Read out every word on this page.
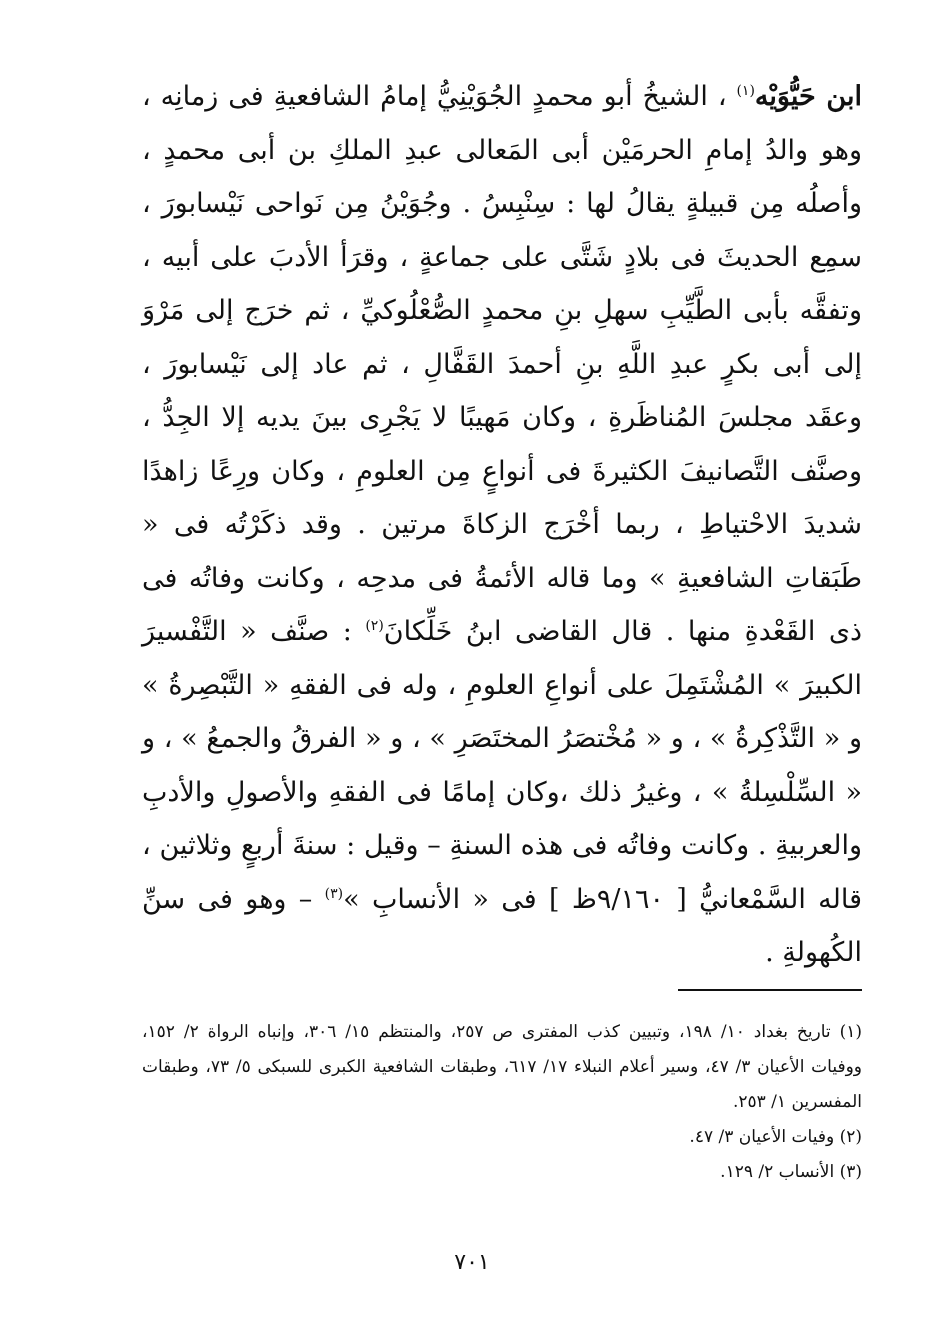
ابن حَيُّوَيْه$^{(١)}$ ، الشيخُ أبو محمدٍ الجُوَيْنِيُّ إمامُ الشافعيةِ فى زمانِه ، وهو والدُ إمامِ الحرمَيْن أبى المَعالى عبدِ الملكِ بن أبى محمدٍ ، وأصلُه مِن قبيلةٍ يقالُ لها : سِنْبِسُ . وجُوَيْنُ مِن نَواحى نَيْسابورَ ، سمِع الحديثَ فى بلادٍ شَتَّى على جماعةٍ ، وقرَأ الأدبَ على أبيه ، وتفقَّه بأبى الطَّيِّبِ سهلِ بنِ محمدٍ الصُّعْلُوكيِّ ، ثم خرَج إلى مَرْوَ إلى أبى بكرٍ عبدِ اللَّهِ بنِ أحمدَ القَفَّالِ ، ثم عاد إلى نَيْسابورَ ، وعقَد مجلسَ المُناظَرةِ ، وكان مَهيبًا لا يَجْرِى بينَ يديه إلا الجِدُّ ، وصنَّف التَّصانيفَ الكثيرةَ فى أنواعٍ مِن العلومِ ، وكان ورِعًا زاهدًا شديدَ الاحْتياطِ ، ربما أخْرَج الزكاةَ مرتين . وقد ذكَرْتُه فى « طَبَقاتِ الشافعيةِ » وما قاله الأئمةُ فى مدحِه ، وكانت وفاتُه فى ذى القَعْدةِ منها . قال القاضى ابنُ خَلِّكانَ$^{(٢)}$ : صنَّف « التَّفْسيرَ الكبيرَ » المُشْتَمِلَ على أنواعِ العلومِ ، وله فى الفقهِ « التَّبْصِرةُ » و « التَّذْكِرةُ » ، و « مُخْتصَرُ المختَصَرِ » ، و « الفرقُ والجمعُ » ، و « السِّلْسِلةُ » ، وغيرُ ذلك ،وكان إمامًا فى الفقهِ والأصولِ والأدبِ والعربيةِ . وكانت وفاتُه فى هذه السنةِ – وقيل : سنةَ أربعٍ وثلاثين ، قاله السَّمْعانيُّ [ ٩/١٦٠ظ ] فى « الأنسابِ »$^{(٣)}$ – وهو فى سنِّ الكُهولةِ .

(١) تاريخ بغداد ١٠/ ١٩٨، وتبيين كذب المفترى ص ٢٥٧، والمنتظم ١٥/ ٣٠٦، وإنباه الرواة ٢/ ١٥٢، ووفيات الأعيان ٣/ ٤٧، وسير أعلام النبلاء ١٧/ ٦١٧، وطبقات الشافعية الكبرى للسبكى ٥/ ٧٣، وطبقات المفسرين ١/ ٢٥٣.

(٢) وفيات الأعيان ٣/ ٤٧.

(٣) الأنساب ٢/ ١٢٩.

٧٠١
